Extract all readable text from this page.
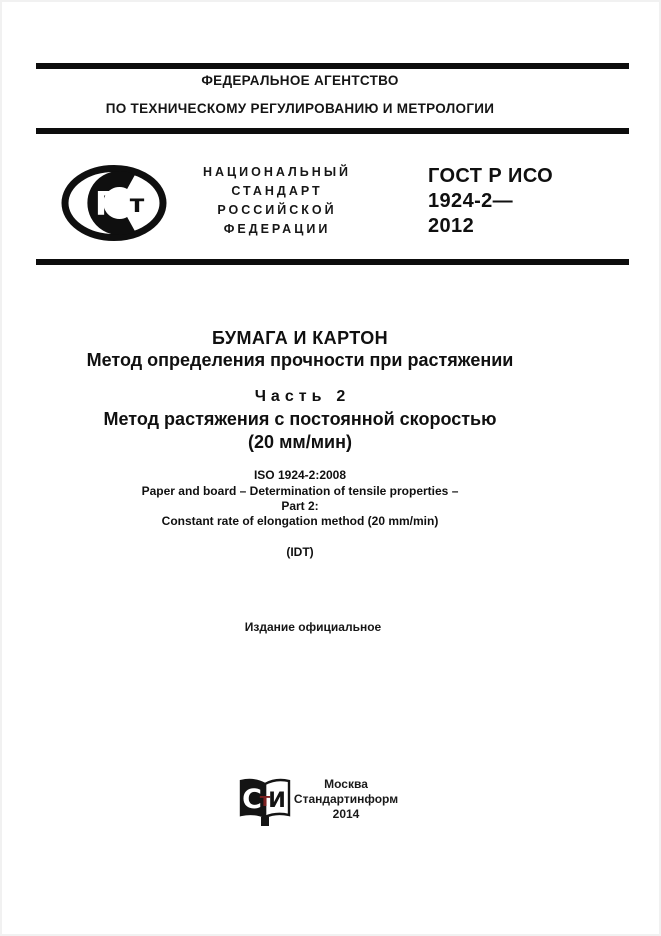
ФЕДЕРАЛЬНОЕ АГЕНТСТВО
ПО ТЕХНИЧЕСКОМУ РЕГУЛИРОВАНИЮ И МЕТРОЛОГИИ
Р т
НАЦИОНАЛЬНЫЙ
СТАНДАРТ
РОССИЙСКОЙ
ФЕДЕРАЦИИ
ГОСТ Р ИСО
1924-2—
2012
БУМАГА И КАРТОН
Метод определения прочности при растяжении
Часть 2
Метод растяжения с постоянной скоростью
(20 мм/мин)
ISO 1924-2:2008
Paper and board – Determination of tensile properties –
Part 2:
Constant rate of elongation method (20 mm/min)
(IDT)
Издание официальное
C
т
И
Москва
Стандартинформ
2014
